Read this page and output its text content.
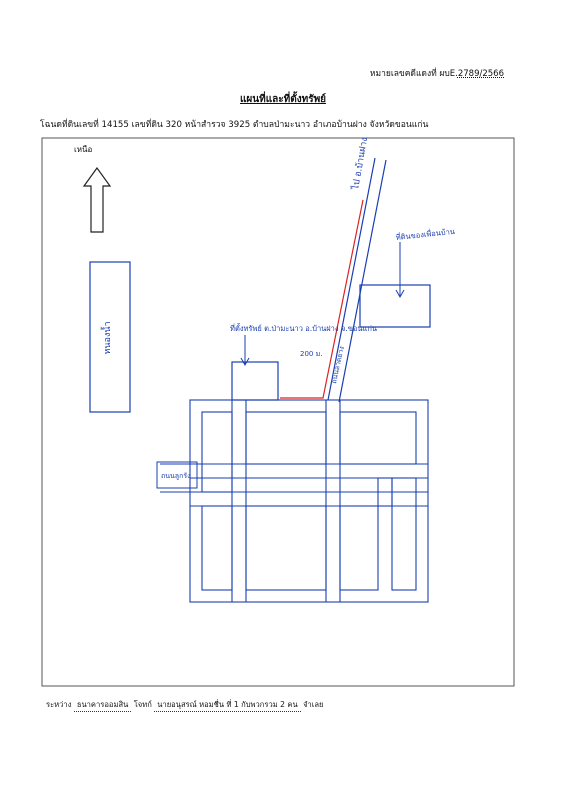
หมายเลขคดีแดงที่ ผบE.2789/2566
แผนที่และที่ตั้งทรัพย์
โฉนดที่ดินเลขที่ 14155 เลขที่ดิน 320 หน้าสำรวจ 3925 ตำบลป่ามะนาว อำเภอบ้านฝาง จังหวัดขอนแก่น
เหนือ
หนองน้ำ
ไป อ.บ้านฝาง
ถนนลาดยาง
200 ม.
ที่ดินของเพื่อนบ้าน
ที่ตั้งทรัพย์ ต.ป่ามะนาว อ.บ้านฝาง จ.ขอนแก่น
ถนนลูกรัง
ระหว่าง ธนาคารออมสิน โจทก์ นายอนุสรณ์ หอมชื่น ที่ 1 กับพวกรวม 2 คน จำเลย
